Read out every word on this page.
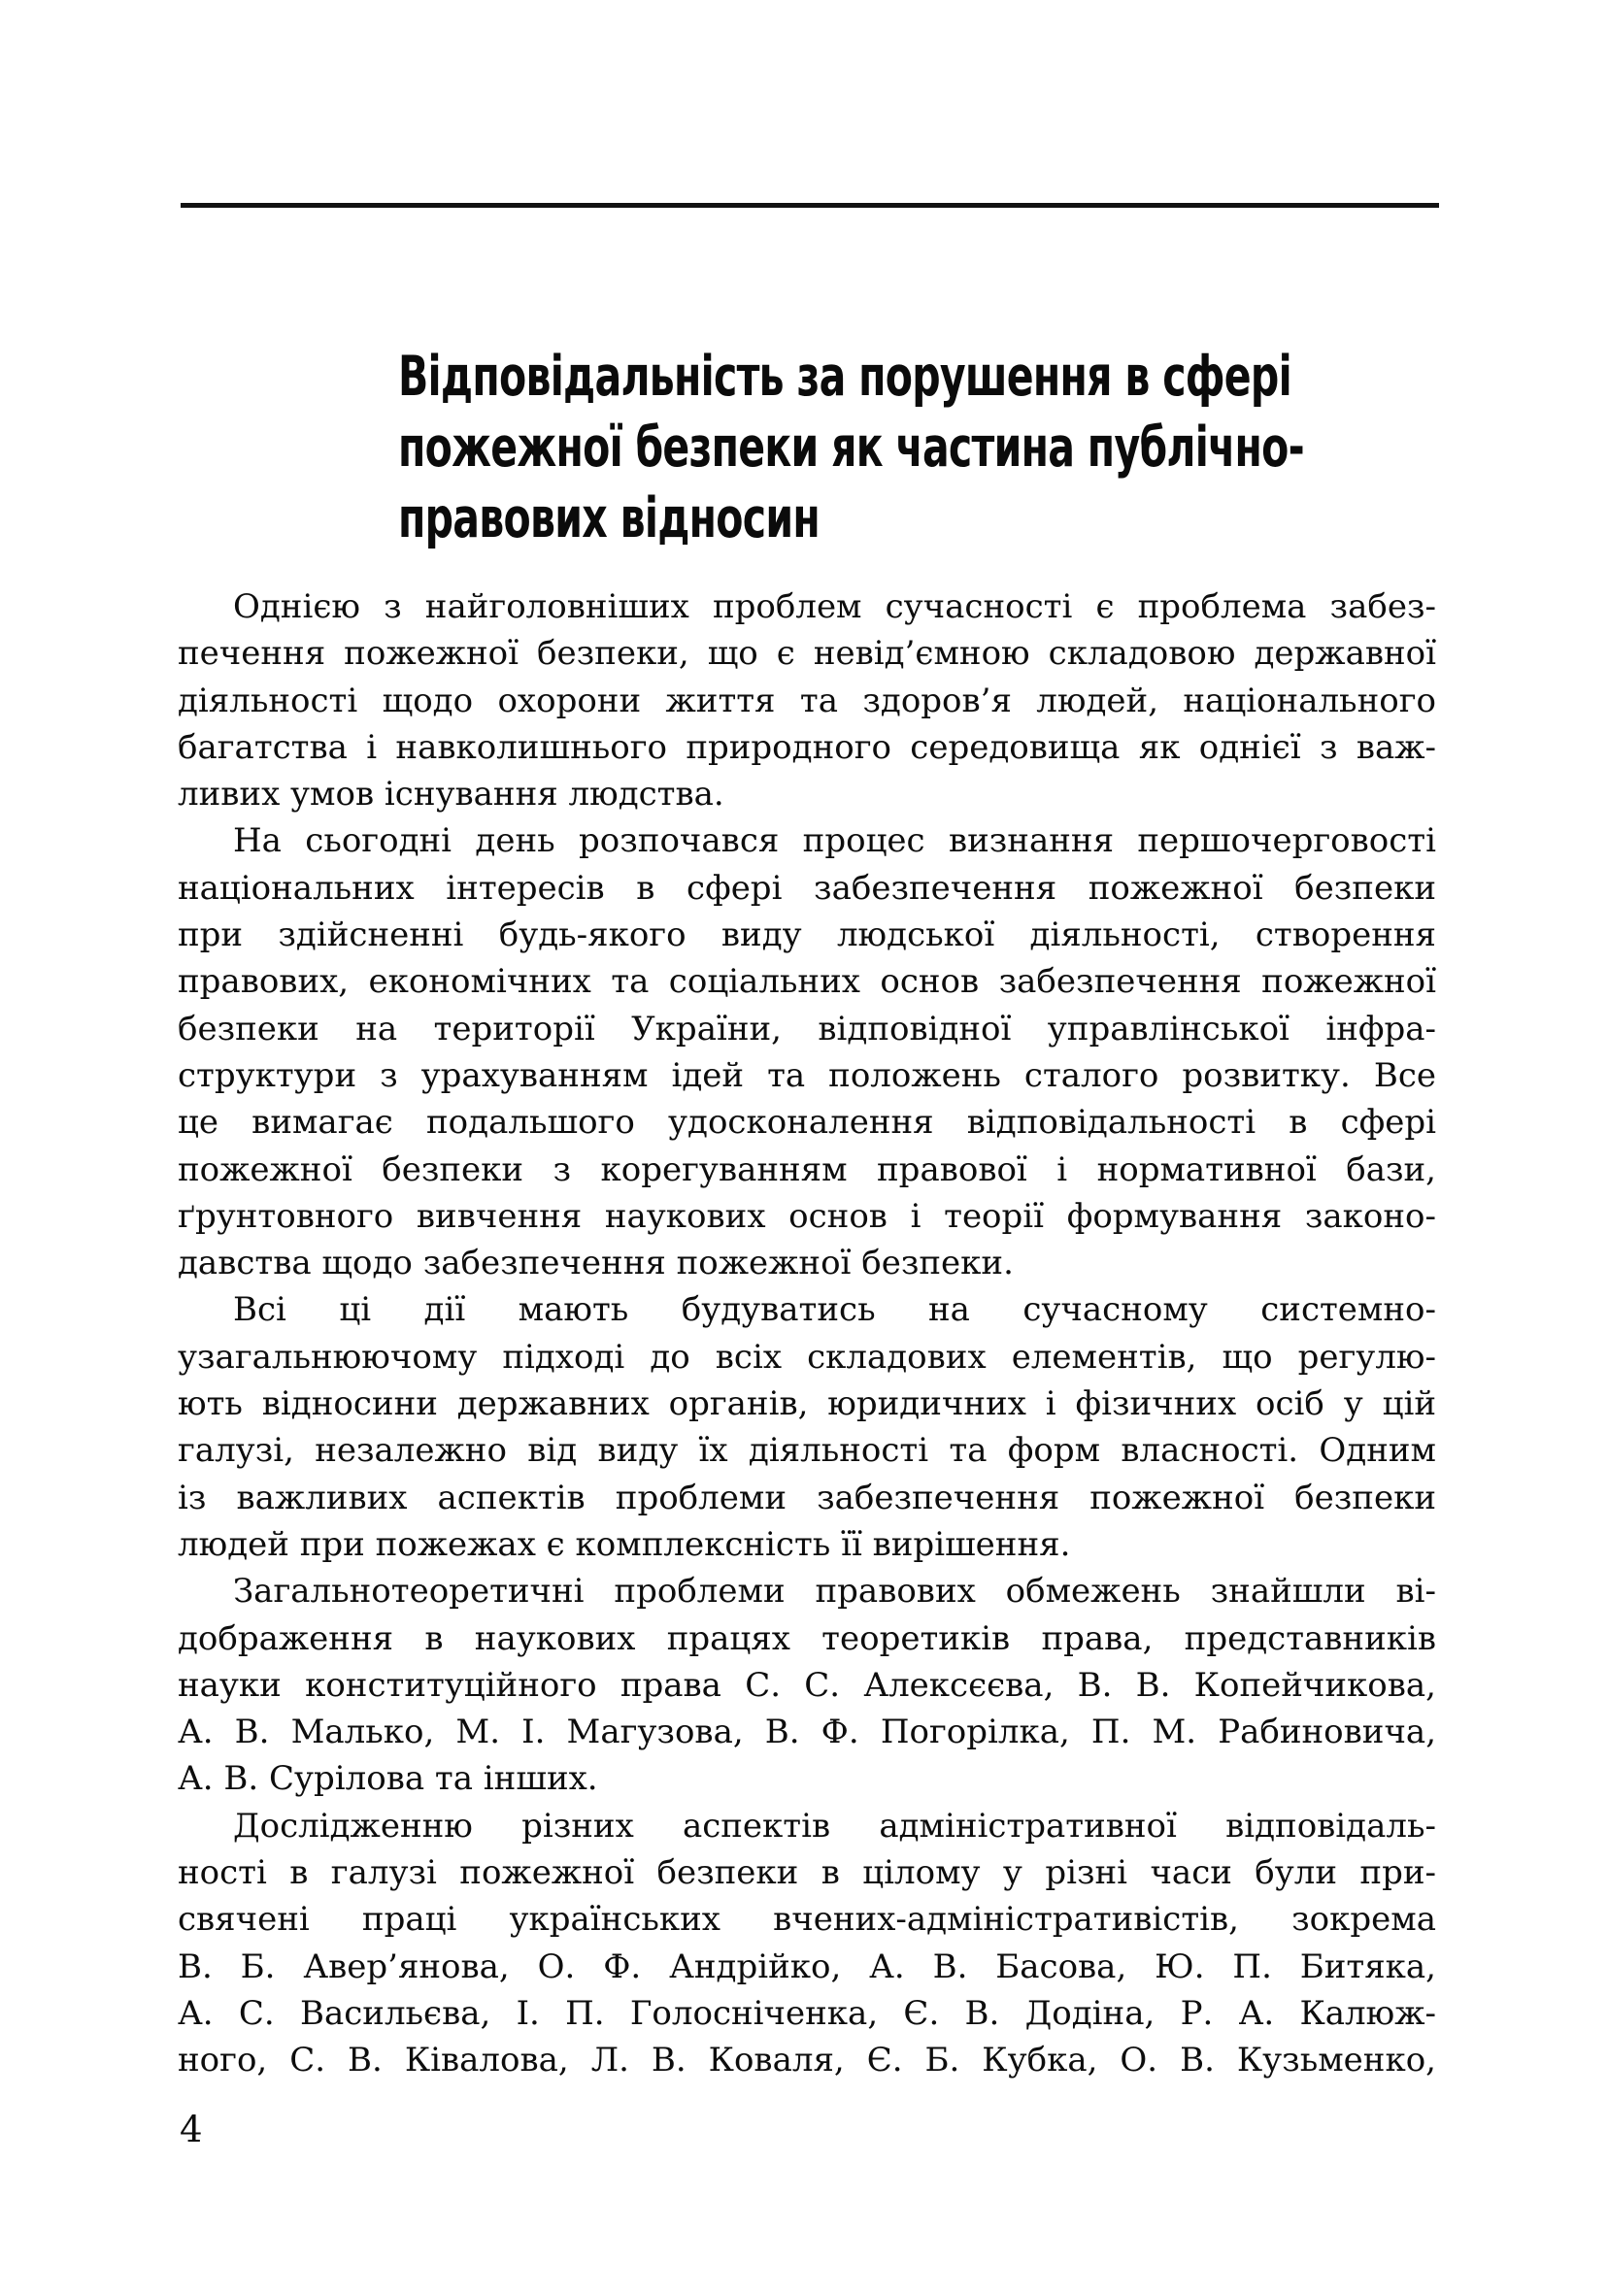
Відповідальність за порушення в сфері
пожежної безпеки як частина публічно-
правових відносин
Однією з найголовніших проблем сучасності є проблема забез-
печення пожежної безпеки, що є невід’ємною складовою державної
діяльності щодо охорони життя та здоров’я людей, національного
багатства і навколишнього природного середовища як однієї з важ-
ливих умов існування людства.
На сьогодні день розпочався процес визнання першочерговості
національних інтересів в сфері забезпечення пожежної безпеки
при здійсненні будь-якого виду людської діяльності, створення
правових, економічних та соціальних основ забезпечення пожежної
безпеки на території України, відповідної управлінської інфра-
структури з урахуванням ідей та положень сталого розвитку. Все
це вимагає подальшого удосконалення відповідальності в сфері
пожежної безпеки з корегуванням правової і нормативної бази,
ґрунтовного вивчення наукових основ і теорії формування законо-
давства щодо забезпечення пожежної безпеки.
Всі ці дії мають будуватись на сучасному системно-
узагальнюючому підході до всіх складових елементів, що регулю-
ють відносини державних органів, юридичних і фізичних осіб у цій
галузі, незалежно від виду їх діяльності та форм власності. Одним
із важливих аспектів проблеми забезпечення пожежної безпеки
людей при пожежах є комплексність її вирішення.
Загальнотеоретичні проблеми правових обмежень знайшли ві-
дображення в наукових працях теоретиків права, представників
науки конституційного права С. С. Алексєєва, В. В. Копейчикова,
А. В. Малько, М. І. Магузова, В. Ф. Погорілка, П. М. Рабиновича,
А. В. Сурілова та інших.
Дослідженню різних аспектів адміністративної відповідаль-
ності в галузі пожежної безпеки в цілому у різні часи були при-
свячені праці українських вчених-адміністративістів, зокрема
В. Б. Авер’янова, О. Ф. Андрійко, А. В. Басова, Ю. П. Битяка,
А. С. Васильєва, І. П. Голосніченка, Є. В. Додіна, Р. А. Калюж-
ного, С. В. Ківалова, Л. В. Коваля, Є. Б. Кубка, О. В. Кузьменко,
4
